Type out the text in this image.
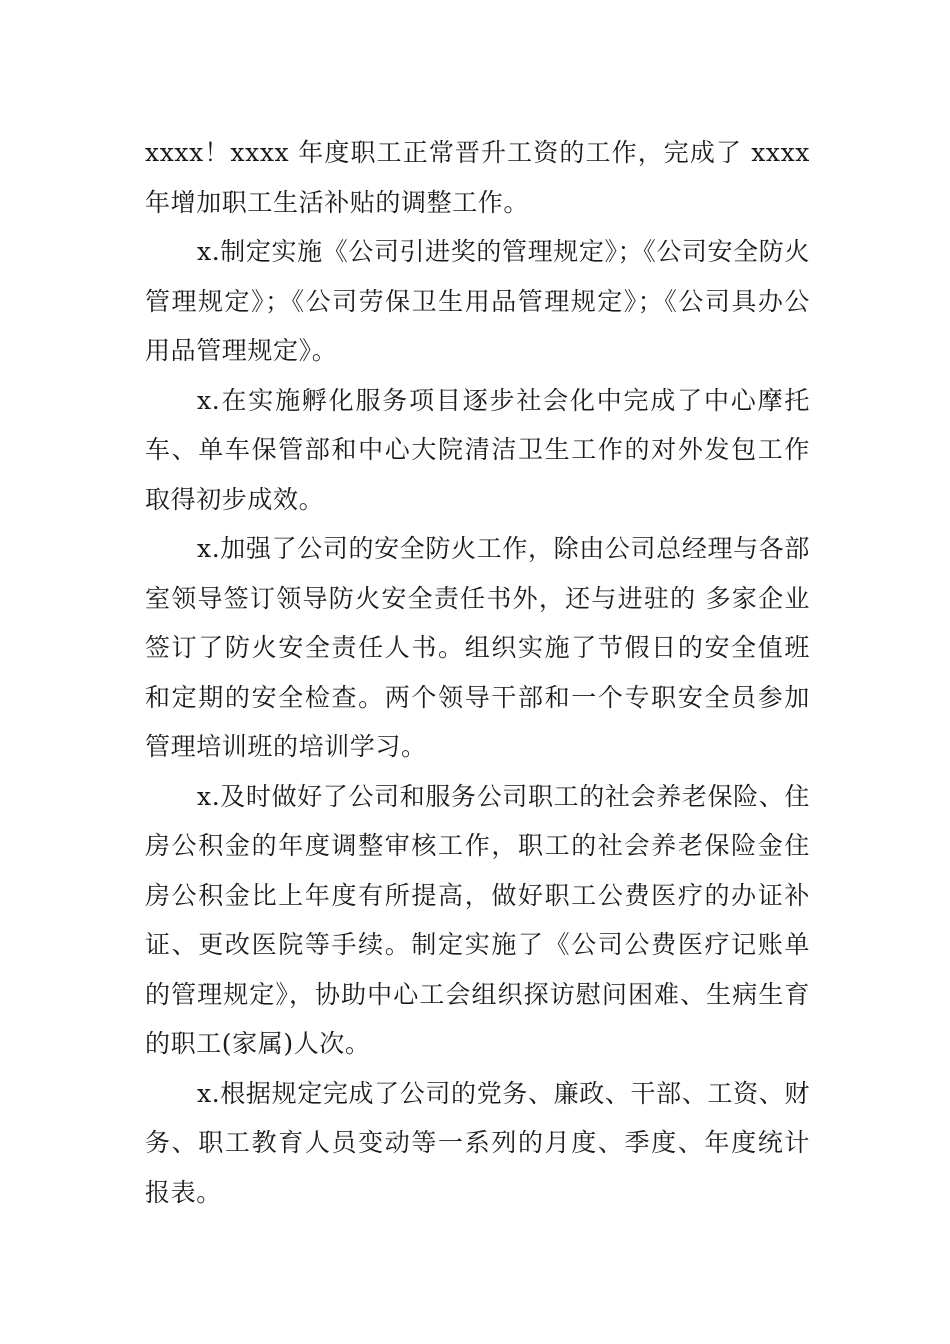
xxxx！xxxx 年度职工正常晋升工资的工作，完成了 xxxx 年增加职工生活补贴的调整工作。

x.制定实施《公司引进奖的管理规定》；《公司安全防火管理规定》；《公司劳保卫生用品管理规定》；《公司具办公用品管理规定》。

x.在实施孵化服务项目逐步社会化中完成了中心摩托车、单车保管部和中心大院清洁卫生工作的对外发包工作取得初步成效。

x.加强了公司的安全防火工作，除由公司总经理与各部室领导签订领导防火安全责任书外，还与进驻的 多家企业签订了防火安全责任人书。组织实施了节假日的安全值班和定期的安全检查。两个领导干部和一个专职安全员参加管理培训班的培训学习。

x.及时做好了公司和服务公司职工的社会养老保险、住房公积金的年度调整审核工作，职工的社会养老保险金住房公积金比上年度有所提高，做好职工公费医疗的办证补证、更改医院等手续。制定实施了《公司公费医疗记账单的管理规定》，协助中心工会组织探访慰问困难、生病生育的职工(家属)人次。

x.根据规定完成了公司的党务、廉政、干部、工资、财务、职工教育人员变动等一系列的月度、季度、年度统计报表。
